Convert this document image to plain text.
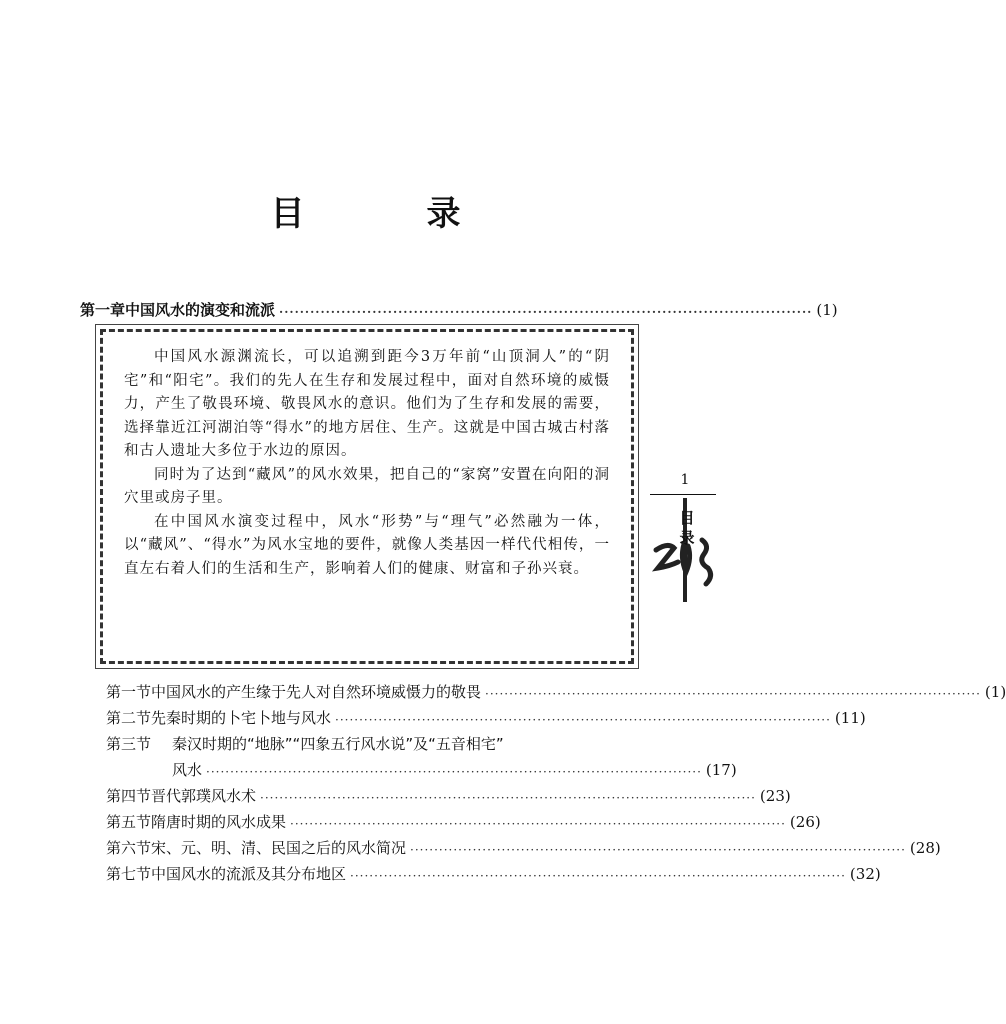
目　录
第一章 中国风水的演变和流派 ······································································································· (1)

中国风水源渊流长，可以追溯到距今3万年前“山顶洞人”的“阴宅”和“阳宅”。我们的先人在生存和发展过程中，面对自然环境的威慑力，产生了敬畏环境、敬畏风水的意识。他们为了生存和发展的需要，选择靠近江河湖泊等“得水”的地方居住、生产。这就是中国古城古村落和古人遗址大多位于水边的原因。

同时为了达到“藏风”的风水效果，把自己的“家窝”安置在向阳的洞穴里或房子里。

在中国风水演变过程中，风水“形势”与“理气”必然融为一体，以“藏风”、“得水”为风水宝地的要件，就像人类基因一样代代相传，一直左右着人们的生活和生产，影响着人们的健康、财富和子孙兴衰。

第一节 中国风水的产生缘于先人对自然环境威慑力的敬畏 ······································································································· (1)
第二节 先秦时期的卜宅卜地与风水 ······································································································· (11)
第三节	秦汉时期的“地脉”“四象五行风水说”及“五音相宅”
风水 ······································································································· (17)
第四节 晋代郭璞风水术 ······································································································· (23)
第五节 隋唐时期的风水成果 ······································································································· (26)
第六节 宋、元、明、清、民国之后的风水简况 ······································································································· (28)
第七节 中国风水的流派及其分布地区 ······································································································· (32)
1
目录
